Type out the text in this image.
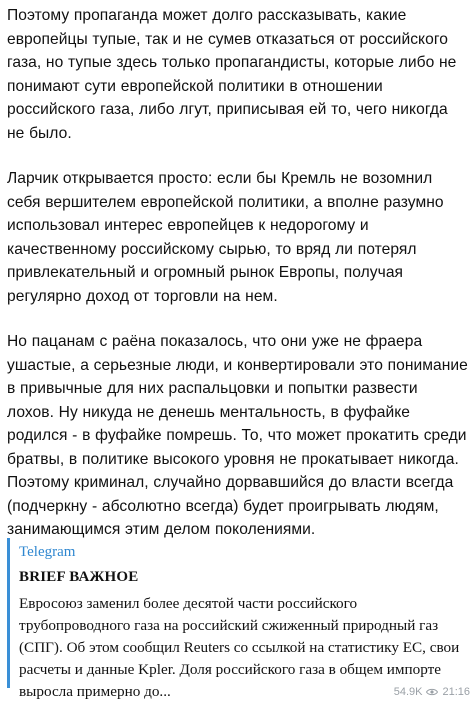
Поэтому пропаганда может долго рассказывать, какие европейцы тупые, так и не сумев отказаться от российского газа, но тупые здесь только пропагандисты, которые либо не понимают сути европейской политики в отношении российского газа, либо лгут, приписывая ей то, чего никогда не было.

Ларчик открывается просто: если бы Кремль не возомнил себя вершителем европейской политики, а вполне разумно использовал интерес европейцев к недорогому и качественному российскому сырью, то вряд ли потерял привлекательный и огромный рынок Европы, получая регулярно доход от торговли на нем.

Но пацанам с раёна показалось, что они уже не фраера ушастые, а серьезные люди, и конвертировали это понимание в привычные для них распальцовки и попытки развести лохов. Ну никуда не денешь ментальность, в фуфайке родился - в фуфайке помрешь. То, что может прокатить среди братвы, в политике высокого уровня не прокатывает никогда. Поэтому криминал, случайно дорвавшийся до власти всегда (подчеркну - абсолютно всегда) будет проигрывать людям, занимающимся этим делом поколениями.

Telegram
BRIEF ВАЖНОЕ
Евросоюз заменил более десятой части российского трубопроводного газа на российский сжиженный природный газ (СПГ). Об этом сообщил Reuters со ссылкой на статистику ЕС, свои расчеты и данные Kpler. Доля российского газа в общем импорте выросла примерно до...	54.9K 21:16
